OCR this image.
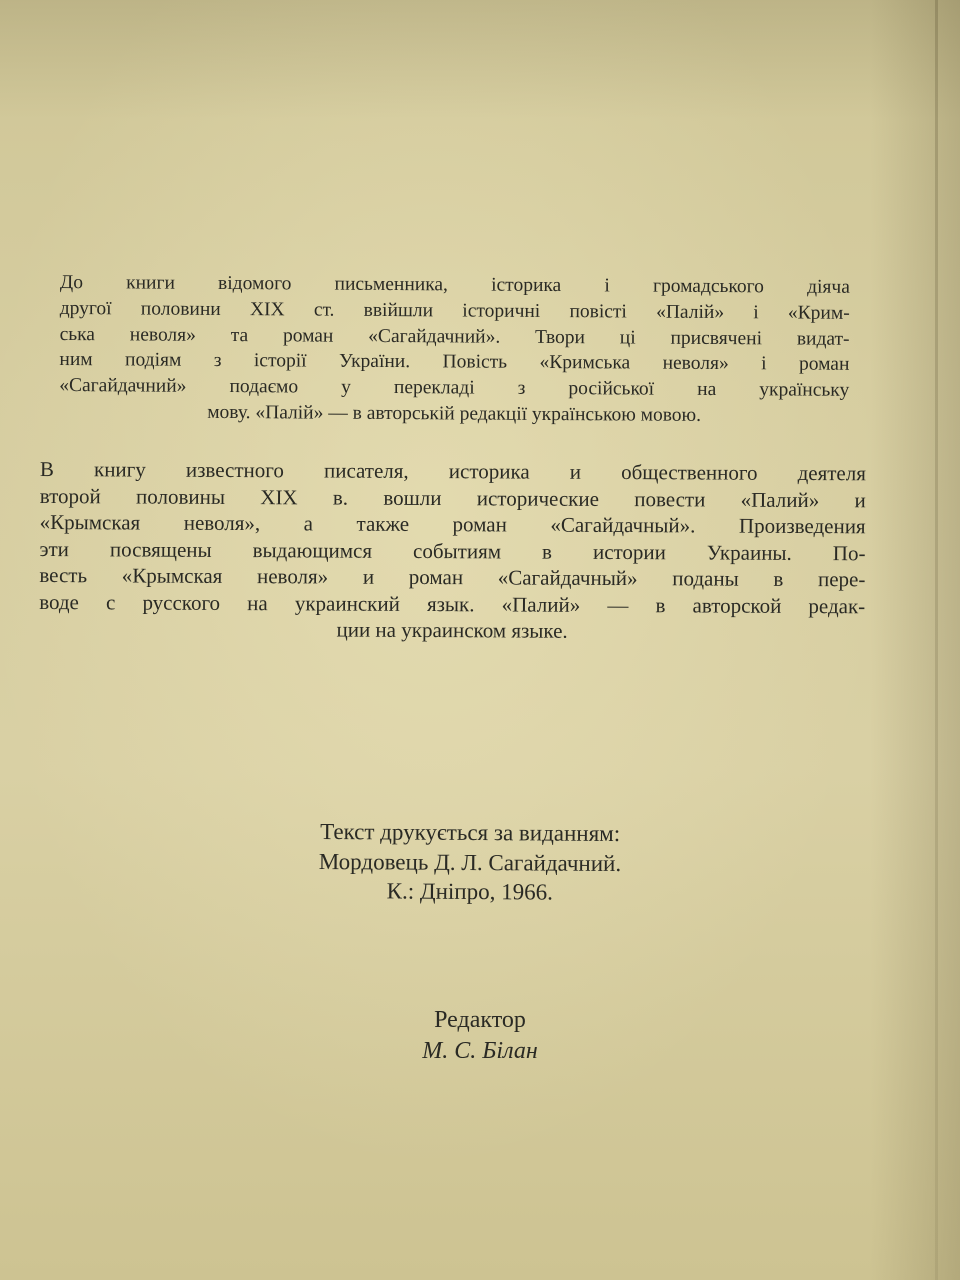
До книги відомого письменника, історика і громадського діяча
другої половини XIX ст. ввійшли історичні повісті «Палій» і «Крим-
ська неволя» та роман «Сагайдачний». Твори ці присвячені видат-
ним подіям з історії України. Повість «Кримська неволя» і роман
«Сагайдачний» подаємо у перекладі з російської на українську
мову. «Палій» — в авторській редакції українською мовою.
В книгу известного писателя, историка и общественного деятеля
второй половины XIX в. вошли исторические повести «Палий» и
«Крымская неволя», а также роман «Сагайдачный». Произведения
эти посвящены выдающимся событиям в истории Украины. По-
весть «Крымская неволя» и роман «Сагайдачный» поданы в пере-
воде с русского на украинский язык. «Палий» — в авторской редак-
ции на украинском языке.
Текст друкується за виданням:
Мордовець Д. Л. Сагайдачний.
К.: Дніпро, 1966.
Редактор
М. С. Білан
